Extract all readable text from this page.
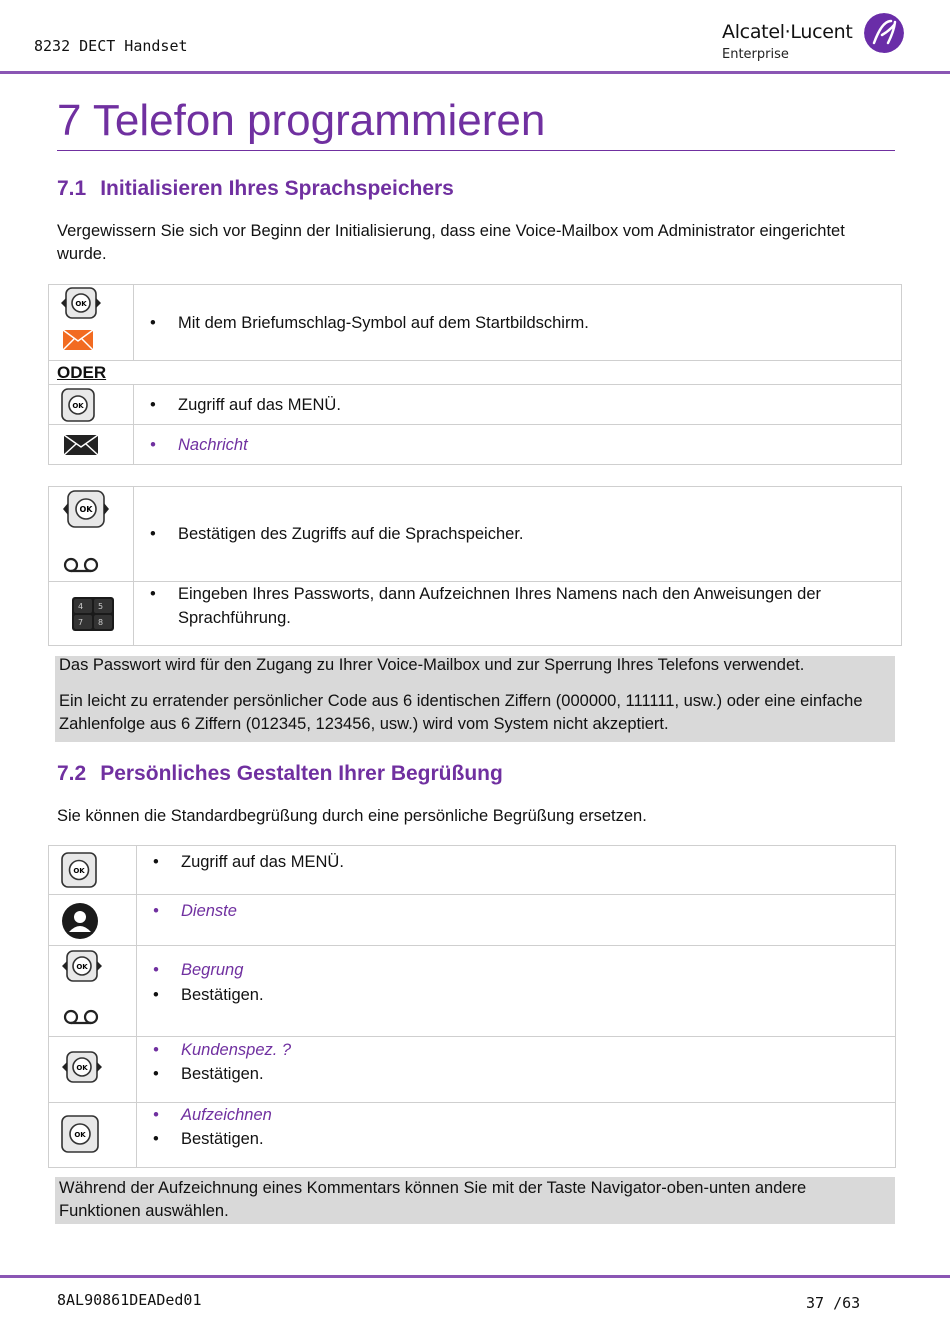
8232 DECT Handset
Alcatel·Lucent
Enterprise
7 Telefon programmieren
7.1 Initialisieren Ihres Sprachspeichers

Vergewissern Sie sich vor Beginn der Initialisierung, dass eine Voice-Mailbox vom Administrator eingerichtet wurde.

OK	• Mit dem Briefumschlag-Symbol auf dem Startbildschirm.

ODER	

OK	• Zugriff auf das MENÜ.

• Nachricht
OK	• Bestätigen des Zugriffs auf die Sprachspeicher.

4 5
7 8	• Eingeben Ihres Passworts, dann Aufzeichnen Ihres Namens nach den Anweisungen der Sprachführung.
Das Passwort wird für den Zugang zu Ihrer Voice-Mailbox und zur Sperrung Ihres Telefons verwendet.
Ein leicht zu erratender persönlicher Code aus 6 identischen Ziffern (000000, 111111, usw.) oder eine einfache Zahlenfolge aus 6 Ziffern (012345, 123456, usw.) wird vom System nicht akzeptiert.
7.2 Persönliches Gestalten Ihrer Begrüßung

Sie können die Standardbegrüßung durch eine persönliche Begrüßung ersetzen.

OK	• Zugriff auf das MENÜ.

• Dienste

OK	• Begrung
• Bestätigen.

OK	• Kundenspez. ?
• Bestätigen.

OK	• Aufzeichnen
• Bestätigen.
Während der Aufzeichnung eines Kommentars können Sie mit der Taste Navigator-oben-unten andere Funktionen auswählen.
8AL90861DEADed01	37 /63
